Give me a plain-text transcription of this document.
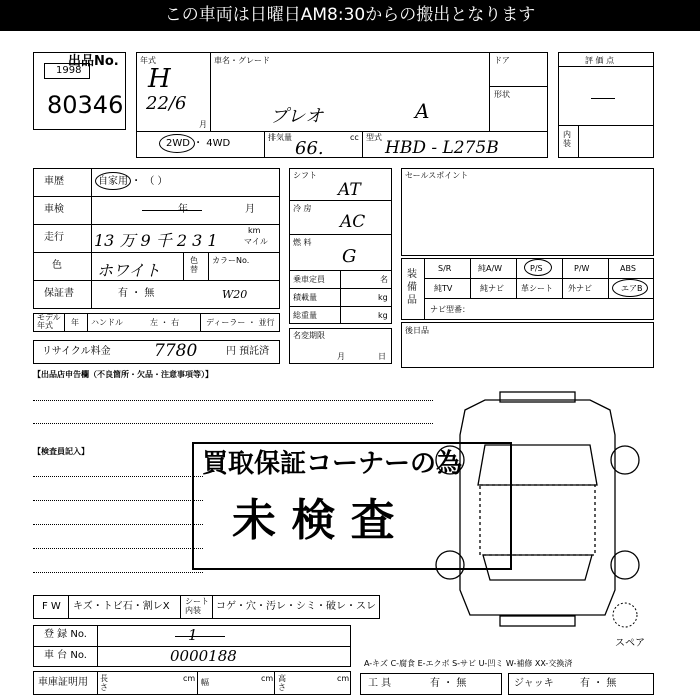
この車両は日曜日AM8:30からの搬出となります
出品No.
1998
80346
年式
H
22/6
月
車名・グレード
プレオ	A
ドア
形状
2WD ・ 4WD
排気量
66.
cc 型式
HBD - L275B
評 価 点
内装
車歴	自家用 ・ （ ）
車検	年	月
走行 13 万 9 千 2 3 1
km
マイル
色 ホワイト
色替
カラーNo.
保証書	有 ・ 無	W20
モデル年式	年 ハンドル	左 ・ 右	ディーラー ・ 並行
リサイクル料金	7780	円 預託済
シフト
AT
冷 房
AC
燃 料
G
乗車定員	名
積載量	kg
総重量	kg
名変期限
月	日
セールスポイント
装備品
S/R	純A/W	P/S	P/W	ABS
純TV	純ナビ 革シート 外ナビ	エアB
ナビ型番：
後日品
【出品店申告欄（不良箇所・欠品・注意事項等）】
【検査員記入】	買取保証コーナーの為
未 検 査
F W キズ・トビ石・割レX シート内装	コゲ・穴・汚レ・シミ・破レ・スレ
登 録 No.	1
車 台 No.	0000188
車庫証明用 長さ
cm 幅	cm 高さ
cm
スペア
A-キズ C-腐食 E-エクボ S-サビ U-凹ミ W-補修 XX-交換済
工 具	有 ・ 無	ジャッキ	有 ・ 無
